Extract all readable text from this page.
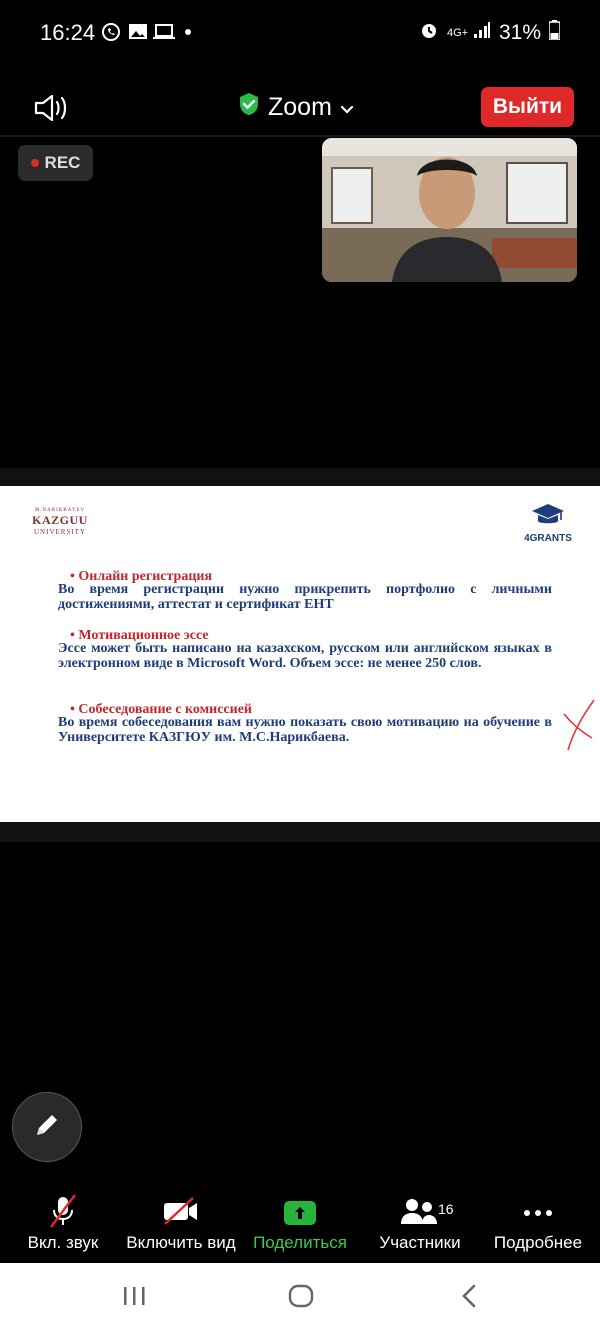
16:24	4G+ 31%
Zoom	Выйти
REC
M.NARIKBAYEV
KAZGUU
UNIVERSITY
4GRANTS
• Онлайн регистрация
Во время регистрации нужно прикрепить портфолио с личными достижениями, аттестат и сертификат ЕНТ
• Мотивационное эссе
Эссе может быть написано на казахском, русском или английском языках в электронном виде в Microsoft Word. Объем эссе: не менее 250 слов.
• Собеседование с комиссией
Во время собеседования вам нужно показать свою мотивацию на обучение в Университете КАЗГЮУ им. М.С.Нарикбаева.
Вкл. звук	Включить вид	Поделиться
16
Участники	Подробнее
